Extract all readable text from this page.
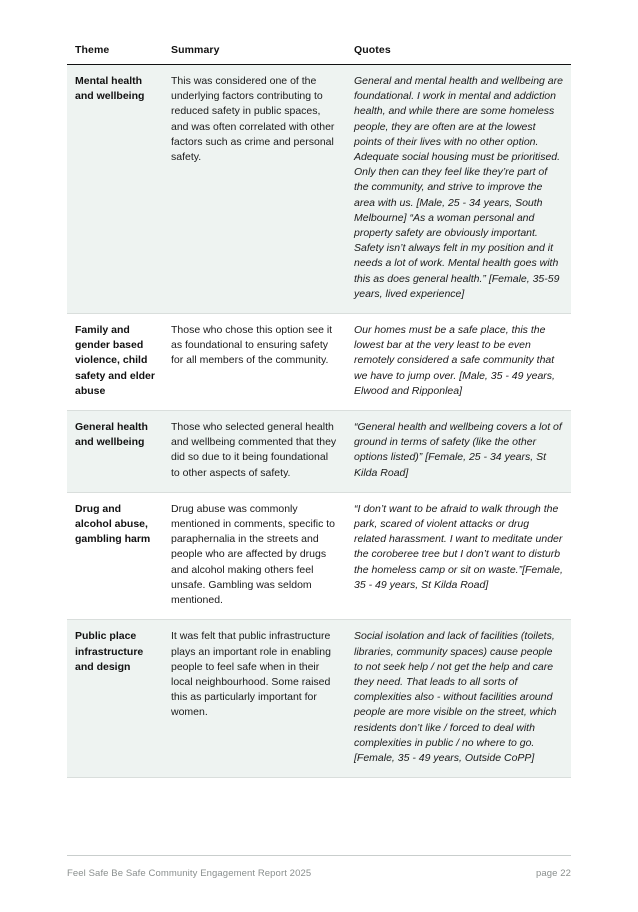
Theme	Summary	Quotes
Mental health and wellbeing	This was considered one of the underlying factors contributing to reduced safety in public spaces, and was often correlated with other factors such as crime and personal safety.	General and mental health and wellbeing are foundational. I work in mental and addiction health, and while there are some homeless people, they are often are at the lowest points of their lives with no other option. Adequate social housing must be prioritised. Only then can they feel like they’re part of the community, and strive to improve the area with us. [Male, 25 - 34 years, South Melbourne] “As a woman personal and property safety are obviously important. Safety isn’t always felt in my position and it needs a lot of work. Mental health goes with this as does general health.” [Female, 35-59 years, lived experience]
Family and gender based violence, child safety and elder abuse	Those who chose this option see it as foundational to ensuring safety for all members of the community.	Our homes must be a safe place, this the lowest bar at the very least to be even remotely considered a safe community that we have to jump over. [Male, 35 - 49 years, Elwood and Ripponlea]
General health and wellbeing	Those who selected general health and wellbeing commented that they did so due to it being foundational to other aspects of safety.	“General health and wellbeing covers a lot of ground in terms of safety (like the other options listed)” [Female, 25 - 34 years, St Kilda Road]
Drug and alcohol abuse, gambling harm	Drug abuse was commonly mentioned in comments, specific to paraphernalia in the streets and people who are affected by drugs and alcohol making others feel unsafe. Gambling was seldom mentioned.	“I don’t want to be afraid to walk through the park, scared of violent attacks or drug related harassment. I want to meditate under the coroberee tree but I don’t want to disturb the homeless camp or sit on waste.”[Female, 35 - 49 years, St Kilda Road]
Public place infrastructure and design	It was felt that public infrastructure plays an important role in enabling people to feel safe when in their local neighbourhood. Some raised this as particularly important for women.	Social isolation and lack of facilities (toilets, libraries, community spaces) cause people to not seek help / not get the help and care they need. That leads to all sorts of complexities also - without facilities around people are more visible on the street, which residents don’t like / forced to deal with complexities in public / no where to go. [Female, 35 - 49 years, Outside CoPP]
Feel Safe Be Safe Community Engagement Report 2025	page 22
